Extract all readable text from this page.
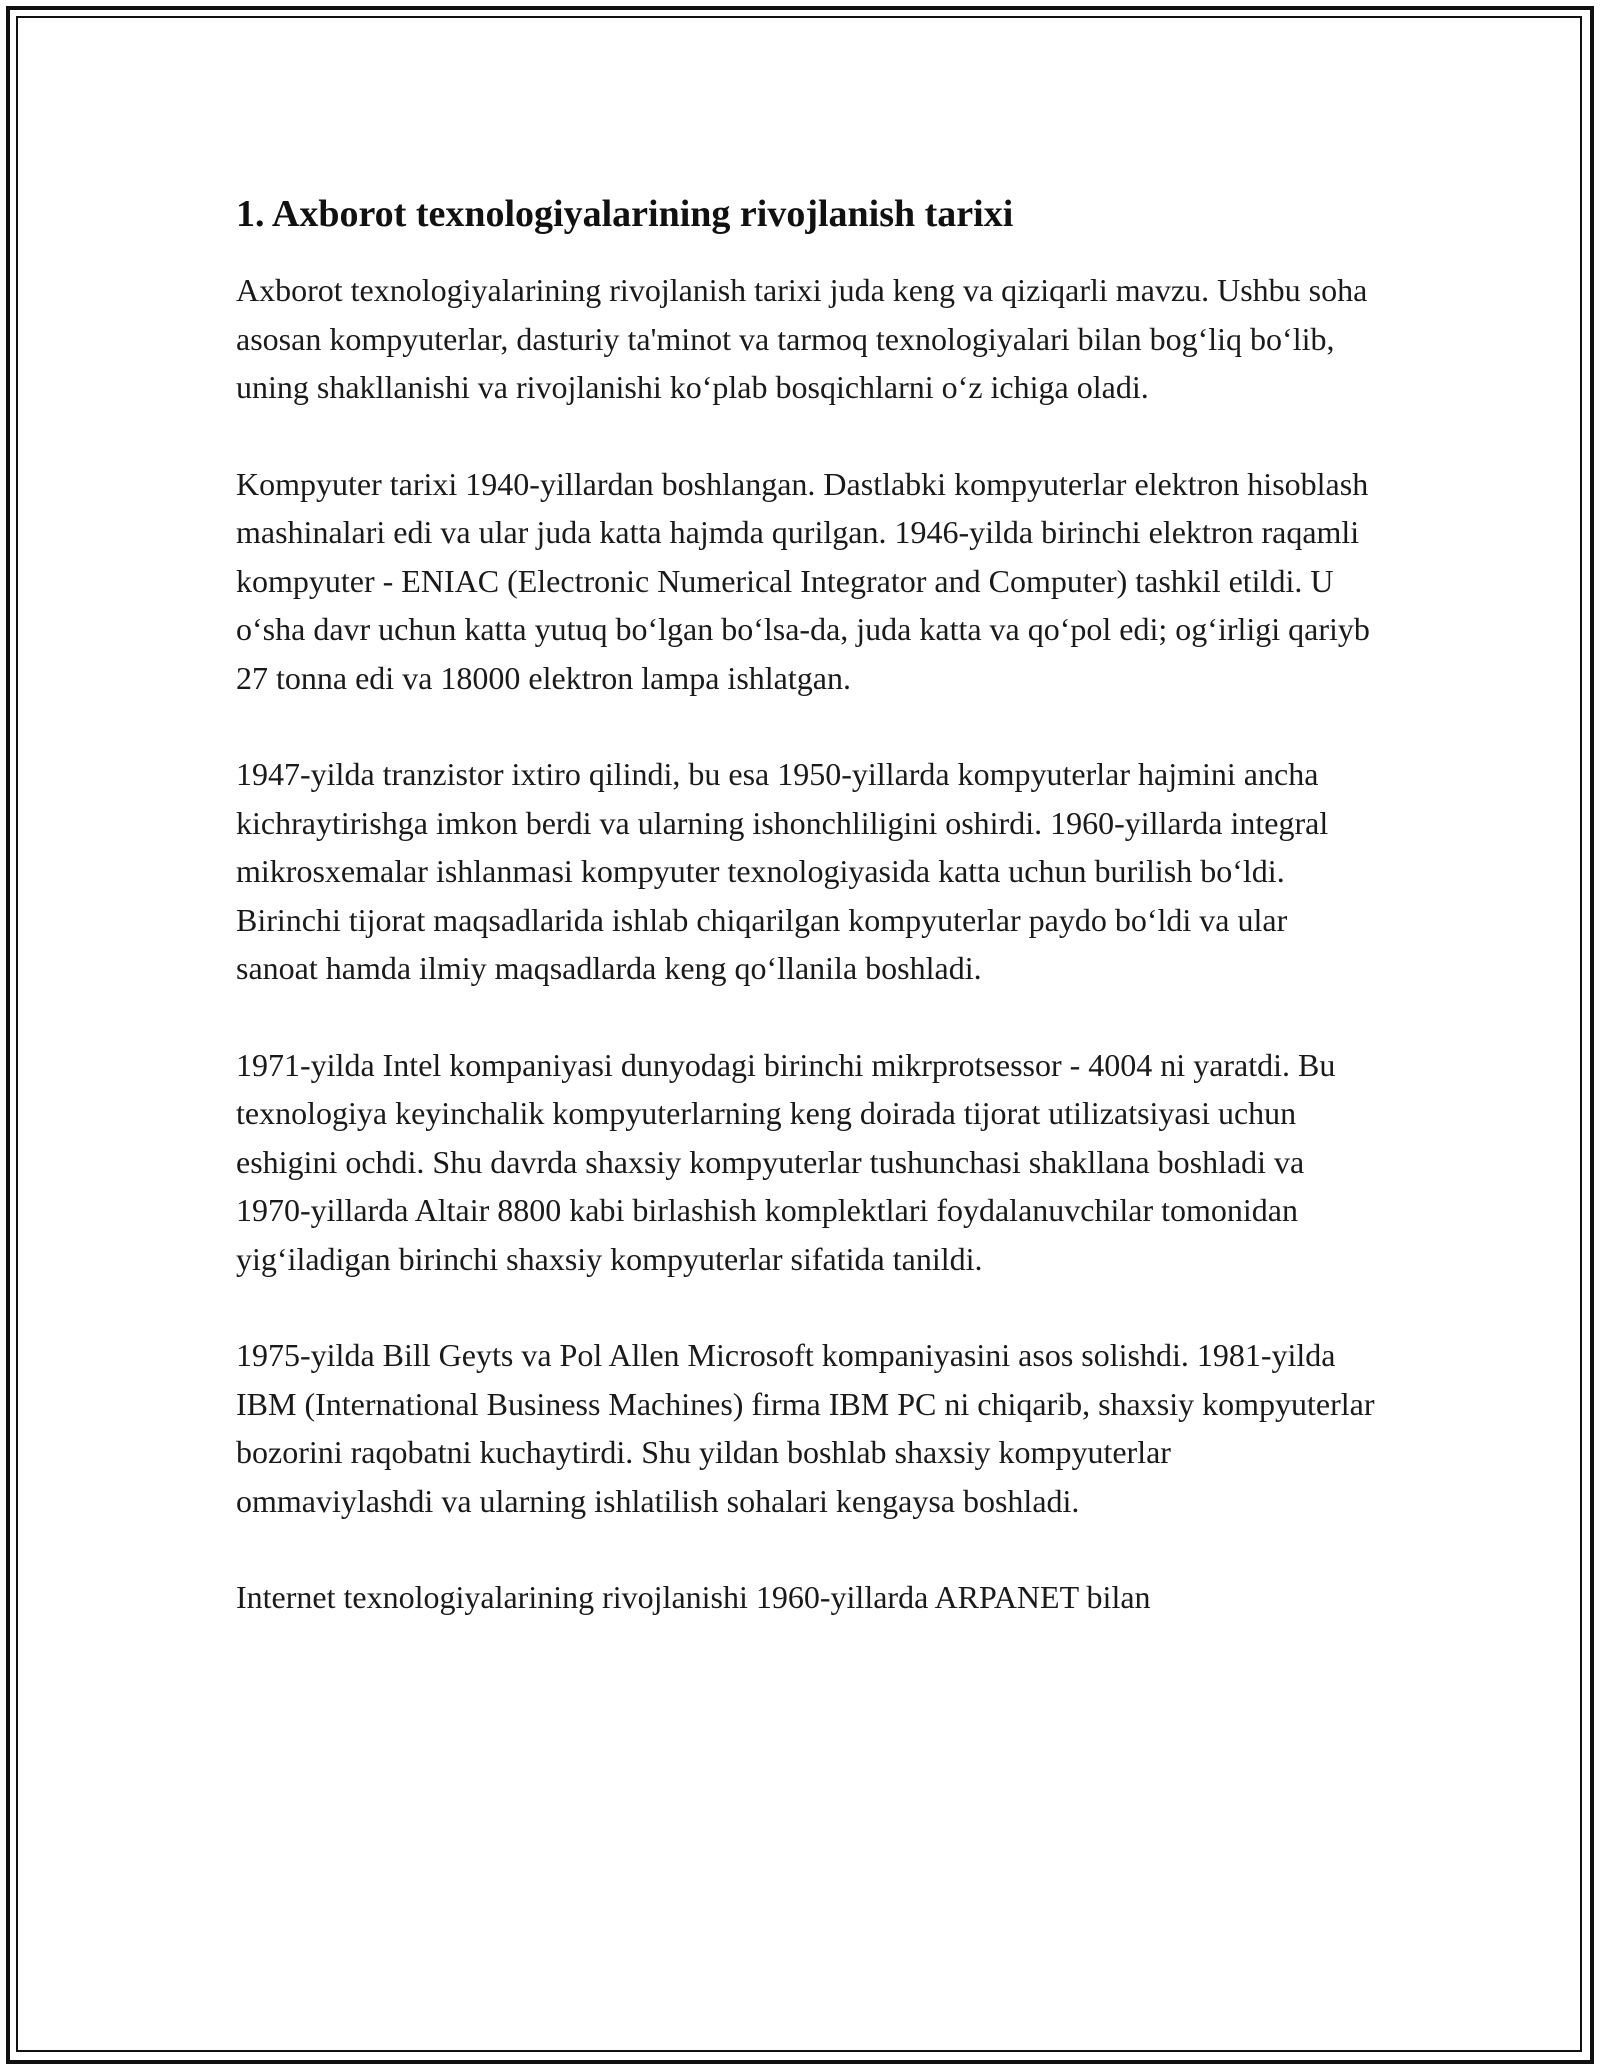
1. Axborot texnologiyalarining rivojlanish tarixi

Axborot texnologiyalarining rivojlanish tarixi juda keng va qiziqarli mavzu. Ushbu soha asosan kompyuterlar, dasturiy ta'minot va tarmoq texnologiyalari bilan bog‘liq bo‘lib, uning shakllanishi va rivojlanishi ko‘plab bosqichlarni o‘z ichiga oladi.

Kompyuter tarixi 1940-yillardan boshlangan. Dastlabki kompyuterlar elektron hisoblash mashinalari edi va ular juda katta hajmda qurilgan. 1946-yilda birinchi elektron raqamli kompyuter - ENIAC (Electronic Numerical Integrator and Computer) tashkil etildi. U o‘sha davr uchun katta yutuq bo‘lgan bo‘lsa-da, juda katta va qo‘pol edi; og‘irligi qariyb 27 tonna edi va 18000 elektron lampa ishlatgan.

1947-yilda tranzistor ixtiro qilindi, bu esa 1950-yillarda kompyuterlar hajmini ancha kichraytirishga imkon berdi va ularning ishonchliligini oshirdi. 1960-yillarda integral mikrosxemalar ishlanmasi kompyuter texnologiyasida katta uchun burilish bo‘ldi. Birinchi tijorat maqsadlarida ishlab chiqarilgan kompyuterlar paydo bo‘ldi va ular sanoat hamda ilmiy maqsadlarda keng qo‘llanila boshladi.

1971-yilda Intel kompaniyasi dunyodagi birinchi mikrprotsessor - 4004 ni yaratdi. Bu texnologiya keyinchalik kompyuterlarning keng doirada tijorat utilizatsiyasi uchun eshigini ochdi. Shu davrda shaxsiy kompyuterlar tushunchasi shakllana boshladi va 1970-yillarda Altair 8800 kabi birlashish komplektlari foydalanuvchilar tomonidan yig‘iladigan birinchi shaxsiy kompyuterlar sifatida tanildi.

1975-yilda Bill Geyts va Pol Allen Microsoft kompaniyasini asos solishdi. 1981-yilda IBM (International Business Machines) firma IBM PC ni chiqarib, shaxsiy kompyuterlar bozorini raqobatni kuchaytirdi. Shu yildan boshlab shaxsiy kompyuterlar ommaviylashdi va ularning ishlatilish sohalari kengaysa boshladi.

Internet texnologiyalarining rivojlanishi 1960-yillarda ARPANET bilan
